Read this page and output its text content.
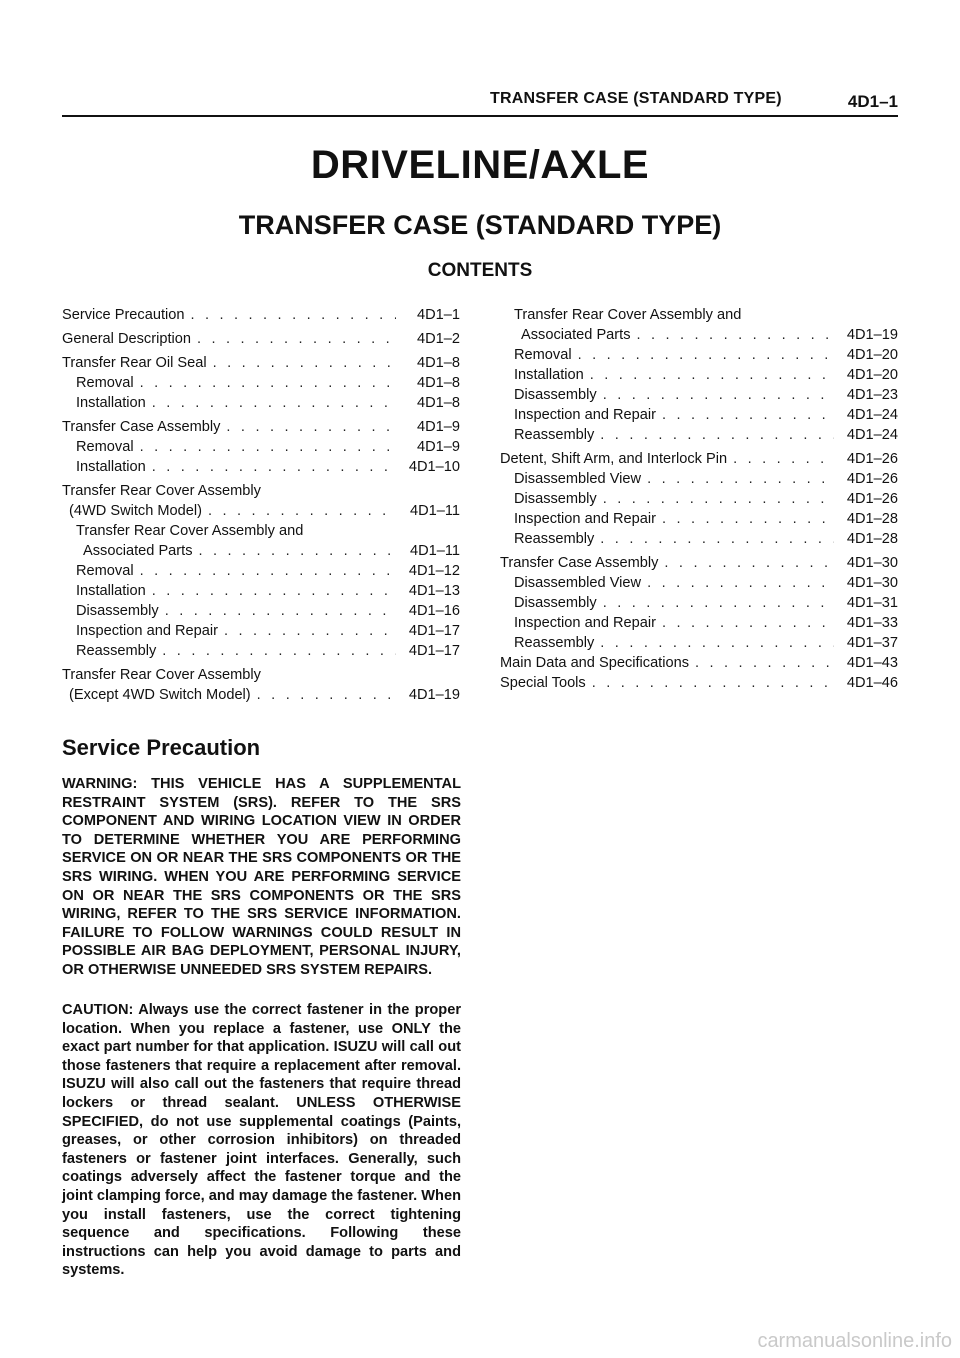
TRANSFER CASE (STANDARD TYPE)	4D1–1
DRIVELINE/AXLE
TRANSFER CASE (STANDARD TYPE)
CONTENTS
Service Precaution . . .	4D1–1
General Description . . .	4D1–2
Transfer Rear Oil Seal . . .	4D1–8
Removal . . .	4D1–8
Installation . . .	4D1–8
Transfer Case Assembly . . .	4D1–9
Removal . . .	4D1–9
Installation . . .	4D1–10
Transfer Rear Cover Assembly
(4WD Switch Model) . . .	4D1–11
Transfer Rear Cover Assembly and
Associated Parts . . .	4D1–11
Removal . . .	4D1–12
Installation . . .	4D1–13
Disassembly . . .	4D1–16
Inspection and Repair . . .	4D1–17
Reassembly . . .	4D1–17
Transfer Rear Cover Assembly
(Except 4WD Switch Model) . . .	4D1–19
Transfer Rear Cover Assembly and
Associated Parts . . .	4D1–19
Removal . . .	4D1–20
Installation . . .	4D1–20
Disassembly . . .	4D1–23
Inspection and Repair . . .	4D1–24
Reassembly . . .	4D1–24
Detent, Shift Arm, and Interlock Pin . . .	4D1–26
Disassembled View . . .	4D1–26
Disassembly . . .	4D1–26
Inspection and Repair . . .	4D1–28
Reassembly . . .	4D1–28
Transfer Case Assembly . . .	4D1–30
Disassembled View . . .	4D1–30
Disassembly . . .	4D1–31
Inspection and Repair . . .	4D1–33
Reassembly . . .	4D1–37
Main Data and Specifications . . .	4D1–43
Special Tools . . .	4D1–46
Service Precaution
WARNING: THIS VEHICLE HAS A SUPPLEMENTAL RESTRAINT SYSTEM (SRS). REFER TO THE SRS COMPONENT AND WIRING LOCATION VIEW IN ORDER TO DETERMINE WHETHER YOU ARE PERFORMING SERVICE ON OR NEAR THE SRS COMPONENTS OR THE SRS WIRING. WHEN YOU ARE PERFORMING SERVICE ON OR NEAR THE SRS COMPONENTS OR THE SRS WIRING, REFER TO THE SRS SERVICE INFORMATION. FAILURE TO FOLLOW WARNINGS COULD RESULT IN POSSIBLE AIR BAG DEPLOYMENT, PERSONAL INJURY, OR OTHERWISE UNNEEDED SRS SYSTEM REPAIRS.
CAUTION: Always use the correct fastener in the proper location. When you replace a fastener, use ONLY the exact part number for that application. ISUZU will call out those fasteners that require a replacement after removal. ISUZU will also call out the fasteners that require thread lockers or thread sealant. UNLESS OTHERWISE SPECIFIED, do not use supplemental coatings (Paints, greases, or other corrosion inhibitors) on threaded fasteners or fastener joint interfaces. Generally, such coatings adversely affect the fastener torque and the joint clamping force, and may damage the fastener. When you install fasteners, use the correct tightening sequence and specifications. Following these instructions can help you avoid damage to parts and systems.
carmanualsonline.info
